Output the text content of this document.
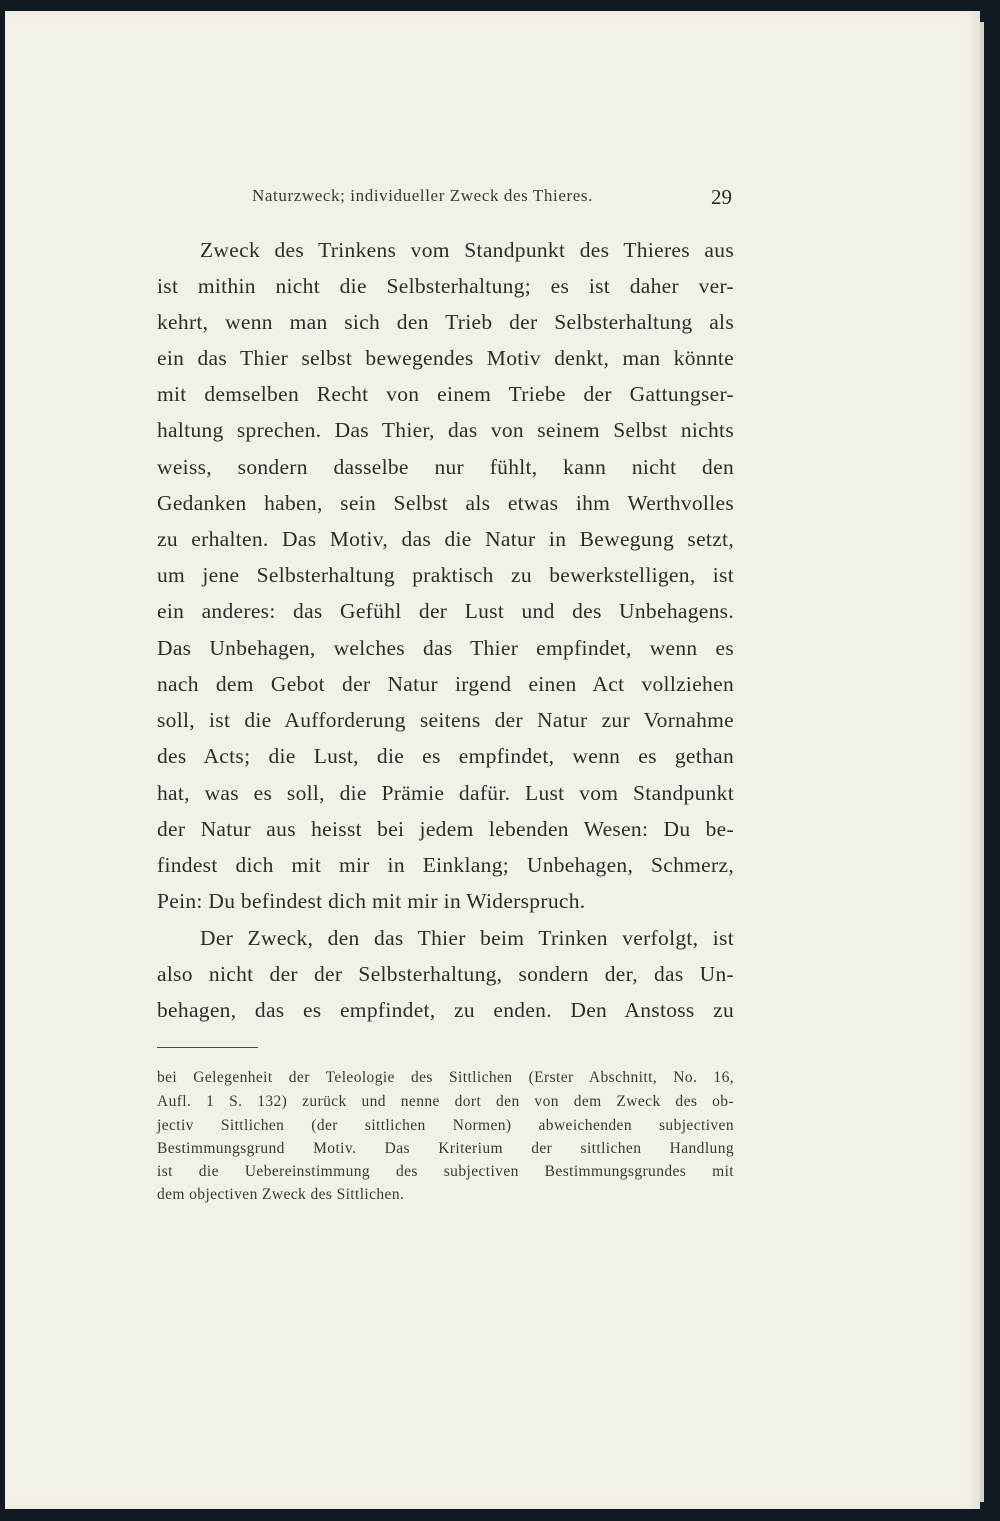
Naturzweck; individueller Zweck des Thieres.	29
Zweck des Trinkens vom Standpunkt des Thieres aus
ist mithin nicht die Selbsterhaltung; es ist daher ver-
kehrt, wenn man sich den Trieb der Selbsterhaltung als
ein das Thier selbst bewegendes Motiv denkt, man könnte
mit demselben Recht von einem Triebe der Gattungser-
haltung sprechen. Das Thier, das von seinem Selbst nichts
weiss, sondern dasselbe nur fühlt, kann nicht den
Gedanken haben, sein Selbst als etwas ihm Werthvolles
zu erhalten. Das Motiv, das die Natur in Bewegung setzt,
um jene Selbsterhaltung praktisch zu bewerkstelligen, ist
ein anderes: das Gefühl der Lust und des Unbehagens.
Das Unbehagen, welches das Thier empfindet, wenn es
nach dem Gebot der Natur irgend einen Act vollziehen
soll, ist die Aufforderung seitens der Natur zur Vornahme
des Acts; die Lust, die es empfindet, wenn es gethan
hat, was es soll, die Prämie dafür. Lust vom Standpunkt
der Natur aus heisst bei jedem lebenden Wesen: Du be-
findest dich mit mir in Einklang; Unbehagen, Schmerz,
Pein: Du befindest dich mit mir in Widerspruch.
Der Zweck, den das Thier beim Trinken verfolgt, ist
also nicht der der Selbsterhaltung, sondern der, das Un-
behagen, das es empfindet, zu enden. Den Anstoss zu
bei Gelegenheit der Teleologie des Sittlichen (Erster Abschnitt, No. 16,
Aufl. 1 S. 132) zurück und nenne dort den von dem Zweck des ob-
jectiv Sittlichen (der sittlichen Normen) abweichenden subjectiven
Bestimmungsgrund Motiv. Das Kriterium der sittlichen Handlung
ist die Uebereinstimmung des subjectiven Bestimmungsgrundes mit
dem objectiven Zweck des Sittlichen.
